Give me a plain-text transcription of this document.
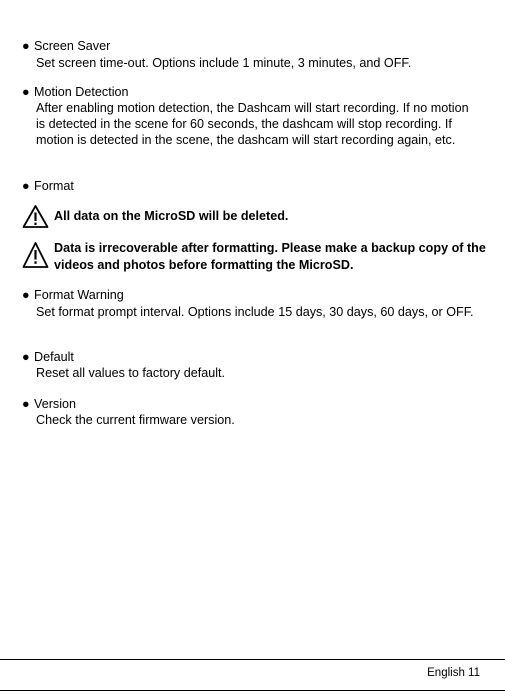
● Screen Saver
Set screen time-out. Options include 1 minute, 3 minutes, and OFF.
● Motion Detection
After enabling motion detection, the Dashcam will start recording. If no motion is detected in the scene for 60 seconds, the dashcam will stop recording. If motion is detected in the scene, the dashcam will start recording again, etc.
● Format
All data on the MicroSD will be deleted.
Data is irrecoverable after formatting. Please make a backup copy of the videos and photos before formatting the MicroSD.
● Format Warning
Set format prompt interval. Options include 15 days, 30 days, 60 days, or OFF.
● Default
Reset all values to factory default.
● Version
Check the current firmware version.
English 11
